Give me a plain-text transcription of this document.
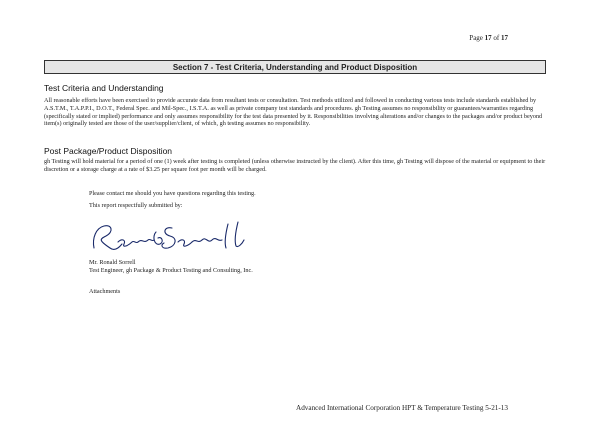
Page 17 of 17
Section 7 - Test Criteria, Understanding and Product Disposition
Test Criteria and Understanding

All reasonable efforts have been exercised to provide accurate data from resultant tests or consultation. Test methods utilized and followed in conducting various tests include standards established by A.S.T.M., T.A.P.P.I., D.O.T., Federal Spec. and Mil-Spec., I.S.T.A. as well as private company test standards and procedures. gh Testing assumes no responsibility or guarantees/warranties regarding (specifically stated or implied) performance and only assumes responsibility for the test data presented by it. Responsibilities involving alterations and/or changes to the packages and/or product beyond item(s) originally tested are those of the user/supplier/client, of which, gh testing assumes no responsibility.

Post Package/Product Disposition

gh Testing will hold material for a period of one (1) week after testing is completed (unless otherwise instructed by the client). After this time, gh Testing will dispose of the material or equipment to their discretion or a storage charge at a rate of $3.25 per square foot per month will be charged.

Please contact me should you have questions regarding this testing.
This report respectfully submitted by:
Mr. Ronald Sorrell
Test Engineer, gh Package & Product Testing and Consulting, Inc.
Attachments
Advanced International Corporation HPT & Temperature Testing 5-21-13
